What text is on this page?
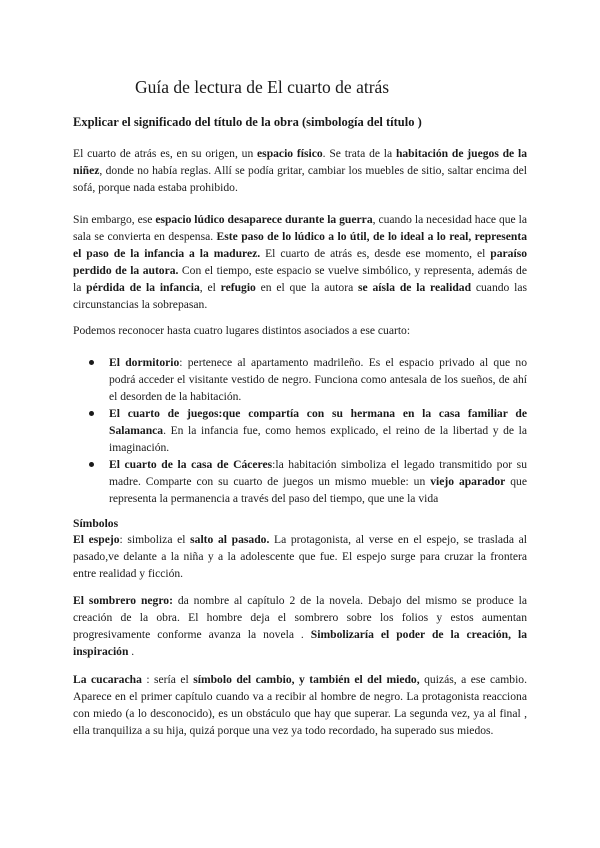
Guía de lectura de El cuarto de atrás
Explicar el significado del título de la obra (simbología del título )

El cuarto de atrás es, en su origen, un espacio físico. Se trata de la habitación de juegos de la niñez, donde no había reglas. Allí se podía gritar, cambiar los muebles de sitio, saltar encima del sofá, porque nada estaba prohibido.

Sin embargo, ese espacio lúdico desaparece durante la guerra, cuando la necesidad hace que la sala se convierta en despensa. Este paso de lo lúdico a lo útil, de lo ideal a lo real, representa el paso de la infancia a la madurez. El cuarto de atrás es, desde ese momento, el paraíso perdido de la autora. Con el tiempo, este espacio se vuelve simbólico, y representa, además de la pérdida de la infancia, el refugio en el que la autora se aísla de la realidad cuando las circunstancias la sobrepasan.

Podemos reconocer hasta cuatro lugares distintos asociados a ese cuarto:

El dormitorio: pertenece al apartamento madrileño. Es el espacio privado al que no podrá acceder el visitante vestido de negro. Funciona como antesala de los sueños, de ahí el desorden de la habitación.
El cuarto de juegos:que compartía con su hermana en la casa familiar de Salamanca. En la infancia fue, como hemos explicado, el reino de la libertad y de la imaginación.
El cuarto de la casa de Cáceres:la habitación simboliza el legado transmitido por su madre. Comparte con su cuarto de juegos un mismo mueble: un viejo aparador que representa la permanencia a través del paso del tiempo, que une la vida

Símbolos

El espejo: simboliza el salto al pasado. La protagonista, al verse en el espejo, se traslada al pasado,ve delante a la niña y a la adolescente que fue. El espejo surge para cruzar la frontera entre realidad y ficción.

El sombrero negro: da nombre al capítulo 2 de la novela. Debajo del mismo se produce la creación de la obra. El hombre deja el sombrero sobre los folios y estos aumentan progresivamente conforme avanza la novela . Simbolizaría el poder de la creación, la inspiración .

La cucaracha : sería el símbolo del cambio, y también el del miedo, quizás, a ese cambio. Aparece en el primer capítulo cuando va a recibir al hombre de negro. La protagonista reacciona con miedo (a lo desconocido), es un obstáculo que hay que superar. La segunda vez, ya al final , ella tranquiliza a su hija, quizá porque una vez ya todo recordado, ha superado sus miedos.
